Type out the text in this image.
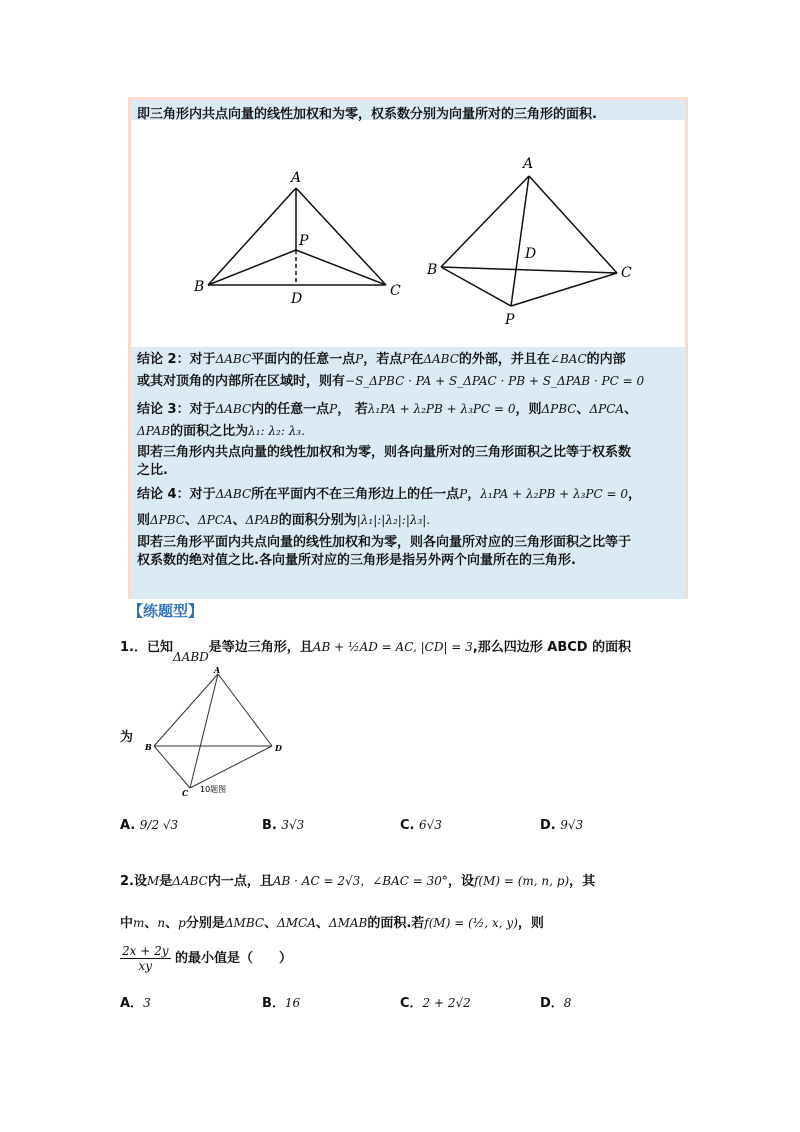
即三角形内共点向量的线性加权和为零，权系数分别为向量所对的三角形的面积.
A
B	C
P
D
A
B	C
D
P
结论 2：对于ΔABC平面内的任意一点P，若点P在ΔABC的外部，并且在∠BAC的内部
或其对顶角的内部所在区域时，则有−S_ΔPBC · PA + S_ΔPAC · PB + S_ΔPAB · PC = 0
结论 3：对于ΔABC内的任意一点P， 若λ₁PA + λ₂PB + λ₃PC = 0，则ΔPBC、ΔPCA、
ΔPAB的面积之比为λ₁: λ₂: λ₃.
即若三角形内共点向量的线性加权和为零，则各向量所对的三角形面积之比等于权系数
之比.
结论 4：对于ΔABC所在平面内不在三角形边上的任一点P，λ₁PA + λ₂PB + λ₃PC = 0，
则ΔPBC、ΔPCA、ΔPAB的面积分别为|λ₁|:|λ₂|:|λ₃|.
即若三角形平面内共点向量的线性加权和为零，则各向量所对应的三角形面积之比等于
权系数的绝对值之比.各向量所对应的三角形是指另外两个向量所在的三角形.
【练题型】
1.．已知ΔABD是等边三角形，且AB + ½AD = AC, |CD| = 3,那么四边形 ABCD 的面积
为
A
B	D
C 10题图
A. 9/2 √3	B. 3√3	C. 6√3	D. 9√3
2.设M是ΔABC内一点，且AB · AC = 2√3，∠BAC = 30°，设f(M) = (m, n, p)，其
中m、n、p分别是ΔMBC、ΔMCA、ΔMAB的面积.若f(M) = (½, x, y)，则
$\frac{2x + 2y}{xy}$ 的最小值是（　　）
A．3	B．16	C．2 + 2√2	D．8
